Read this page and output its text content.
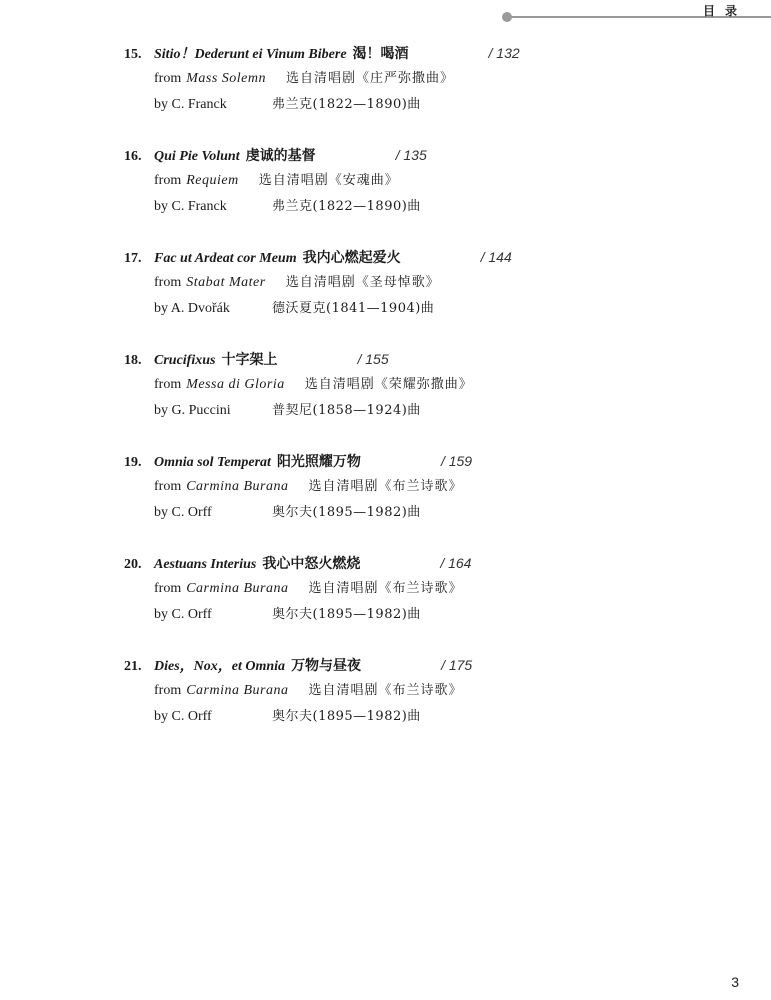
目录
15. Sitio！Dederunt ei Vinum Bibere 渴！喝酒	/ 132
from Mass Solemn 选自清唱剧《庄严弥撒曲》
by C. Franck	弗兰克(1822—1890)曲
16. Qui Pie Volunt 虔诚的基督	/ 135
from Requiem 选自清唱剧《安魂曲》
by C. Franck	弗兰克(1822—1890)曲
17. Fac ut Ardeat cor Meum 我内心燃起爱火	/ 144
from Stabat Mater 选自清唱剧《圣母悼歌》
by A. Dvořák	德沃夏克(1841—1904)曲
18. Crucifixus 十字架上	/ 155
from Messa di Gloria 选自清唱剧《荣耀弥撒曲》
by G. Puccini	普契尼(1858—1924)曲
19. Omnia sol Temperat 阳光照耀万物	/ 159
from Carmina Burana 选自清唱剧《布兰诗歌》
by C. Orff	奥尔夫(1895—1982)曲
20. Aestuans Interius 我心中怒火燃烧	/ 164
from Carmina Burana 选自清唱剧《布兰诗歌》
by C. Orff	奥尔夫(1895—1982)曲
21. Dies，Nox，et Omnia 万物与昼夜	/ 175
from Carmina Burana 选自清唱剧《布兰诗歌》
by C. Orff	奥尔夫(1895—1982)曲
3
